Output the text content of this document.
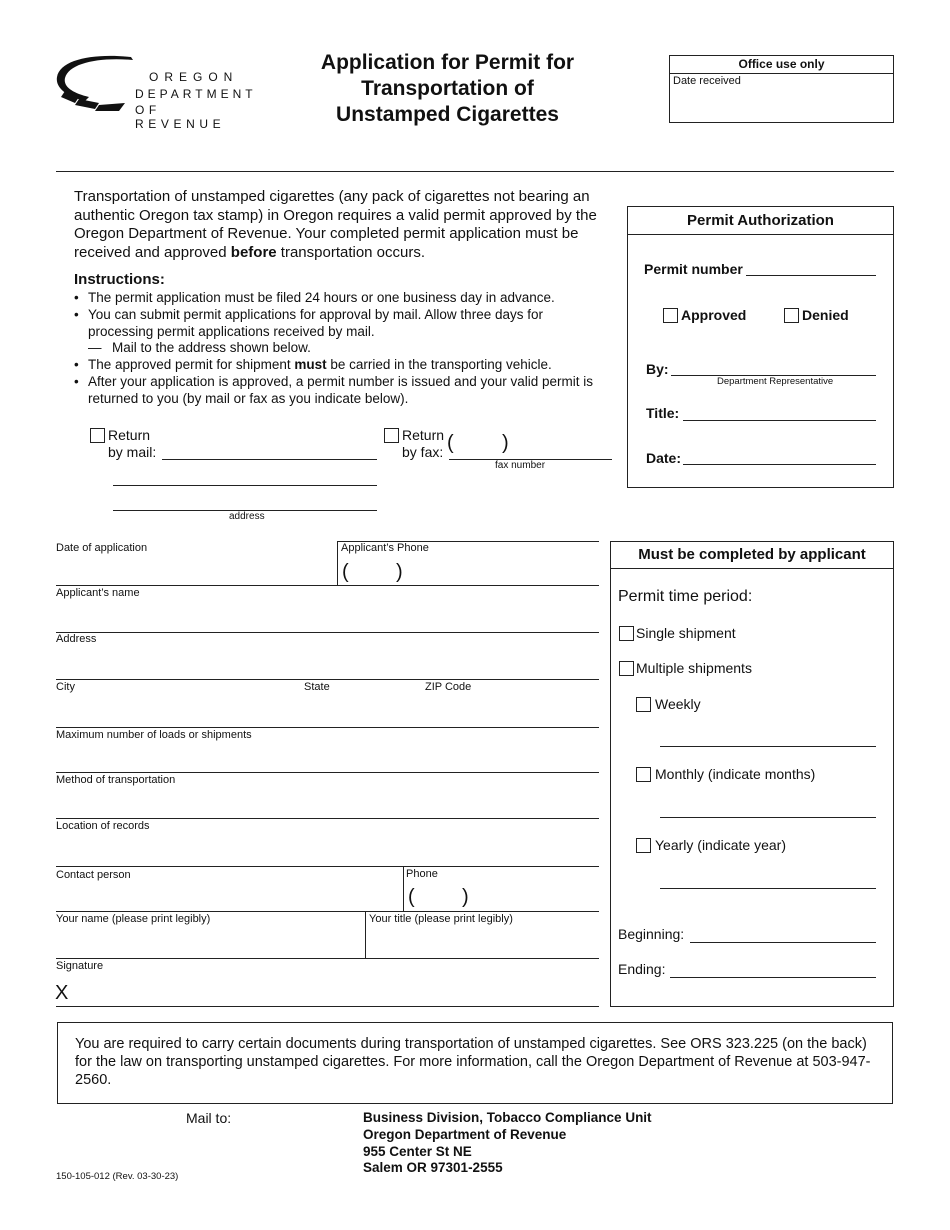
OREGON
DEPARTMENT
OF REVENUE
Application for Permit for
Transportation of
Unstamped Cigarettes
Office use only
Date received
Transportation of unstamped cigarettes (any pack of cigarettes not bearing an authentic Oregon tax stamp) in Oregon requires a valid permit approved by the Oregon Department of Revenue. Your completed permit application must be received and approved before transportation occurs.
Instructions:
• The permit application must be filed 24 hours or one business day in advance.
• You can submit permit applications for approval by mail. Allow three days for processing permit applications received by mail.
— Mail to the address shown below.
• The approved permit for shipment must be carried in the transporting vehicle.
• After your application is approved, a permit number is issued and your valid permit is returned to you (by mail or fax as you indicate below).
Return
by mail:
address
Return
by fax: ( )
fax number
Permit Authorization
Permit number
Approved	Denied
By:
Department Representative
Title:
Date:
Date of application	Applicant’s Phone
( )
Applicant’s name
Address
City	State	ZIP Code
Maximum number of loads or shipments
Method of transportation
Location of records
Contact person	Phone
( )
Your name (please print legibly)	Your title (please print legibly)
Signature
X
Must be completed by applicant
Permit time period:
Single shipment
Multiple shipments
Weekly
Monthly (indicate months)
Yearly (indicate year)
Beginning:
Ending:
You are required to carry certain documents during transportation of unstamped cigarettes. See ORS 323.225 (on the back) for the law on transporting unstamped cigarettes. For more information, call the Oregon Department of Revenue at 503-947-2560.
Mail to:	Business Division, Tobacco Compliance Unit
Oregon Department of Revenue
955 Center St NE
Salem OR 97301-2555
150-105-012 (Rev. 03-30-23)
